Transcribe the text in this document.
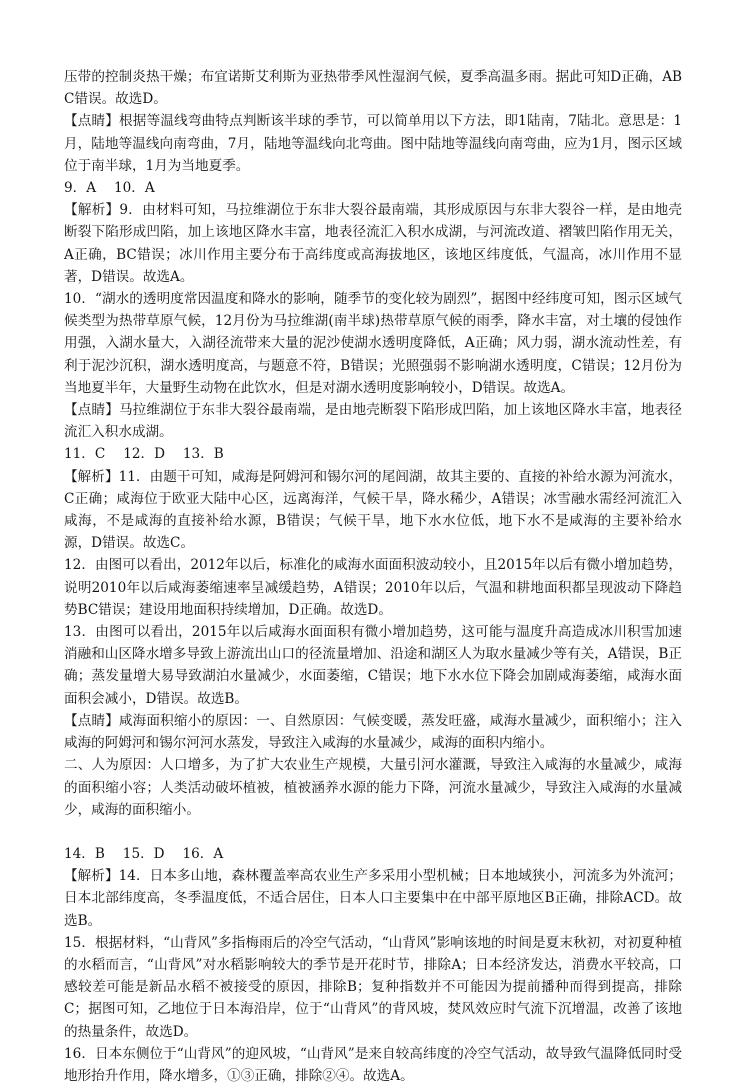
压带的控制炎热干燥；布宜诺斯艾利斯为亚热带季风性湿润气候，夏季高温多雨。据此可知D正确，ABC错误。故选D。

【点睛】根据等温线弯曲特点判断该半球的季节，可以简单用以下方法，即1陆南，7陆北。意思是：1月，陆地等温线向南弯曲，7月，陆地等温线向北弯曲。图中陆地等温线向南弯曲，应为1月，图示区域位于南半球，1月为当地夏季。

9．A　 10．A

【解析】9．由材料可知，马拉维湖位于东非大裂谷最南端，其形成原因与东非大裂谷一样，是由地壳断裂下陷形成凹陷，加上该地区降水丰富，地表径流汇入积水成湖，与河流改道、褶皱凹陷作用无关，A正确，BC错误；冰川作用主要分布于高纬度或高海拔地区，该地区纬度低，气温高，冰川作用不显著，D错误。故选A。

10．“湖水的透明度常因温度和降水的影响，随季节的变化较为剧烈”，据图中经纬度可知，图示区域气候类型为热带草原气候，12月份为马拉维湖(南半球)热带草原气候的雨季，降水丰富，对土壤的侵蚀作用强，入湖水量大，入湖径流带来大量的泥沙使湖水透明度降低，A正确；风力弱，湖水流动性差，有利于泥沙沉积，湖水透明度高，与题意不符，B错误；光照强弱不影响湖水透明度，C错误；12月份为当地夏半年，大量野生动物在此饮水，但是对湖水透明度影响较小，D错误。故选A。

【点睛】马拉维湖位于东非大裂谷最南端，是由地壳断裂下陷形成凹陷，加上该地区降水丰富，地表径流汇入积水成湖。

11．C　 12．D　 13．B

【解析】11．由题干可知，咸海是阿姆河和锡尔河的尾闾湖，故其主要的、直接的补给水源为河流水，C正确；咸海位于欧亚大陆中心区，远离海洋，气候干旱，降水稀少，A错误；冰雪融水需经河流汇入咸海，不是咸海的直接补给水源，B错误；气候干旱，地下水水位低，地下水不是咸海的主要补给水源，D错误。故选C。

12．由图可以看出，2012年以后，标准化的咸海水面面积波动较小，且2015年以后有微小增加趋势，说明2010年以后咸海萎缩速率呈减缓趋势，A错误；2010年以后，气温和耕地面积都呈现波动下降趋势BC错误；建设用地面积持续增加，D正确。故选D。

13．由图可以看出，2015年以后咸海水面面积有微小增加趋势，这可能与温度升高造成冰川积雪加速消融和山区降水增多导致上游流出山口的径流量增加、沿途和湖区人为取水量减少等有关，A错误，B正确；蒸发量增大易导致湖泊水量减少，水面萎缩，C错误；地下水水位下降会加剧咸海萎缩，咸海水面面积会减小，D错误。故选B。

【点睛】咸海面积缩小的原因：一、自然原因：气候变暖，蒸发旺盛，咸海水量减少，面积缩小；注入咸海的阿姆河和锡尔河河水蒸发，导致注入咸海的水量减少，咸海的面积内缩小。

二、人为原因：人口增多，为了扩大农业生产规模，大量引河水灌溉，导致注入咸海的水量减少，咸海的面积缩小容；人类活动破坏植被，植被涵养水源的能力下降，河流水量减少，导致注入咸海的水量减少，咸海的面积缩小。

14．B　 15．D　 16．A

【解析】14．日本多山地，森林覆盖率高农业生产多采用小型机械；日本地域狭小，河流多为外流河；日本北部纬度高，冬季温度低，不适合居住，日本人口主要集中在中部平原地区B正确，排除ACD。故选B。

15．根据材料，“山背风”多指梅雨后的冷空气活动，“山背风”影响该地的时间是夏末秋初，对初夏种植的水稻而言，“山背风”对水稻影响较大的季节是开花时节，排除A；日本经济发达，消费水平较高，口感较差可能是新品水稻不被接受的原因，排除B；复种指数并不可能因为提前播种而得到提高，排除C；据图可知，乙地位于日本海沿岸，位于“山背风”的背风坡，焚风效应时气流下沉增温，改善了该地的热量条件，故选D。

16．日本东侧位于“山背风”的迎风坡，“山背风”是来自较高纬度的冷空气活动，故导致气温降低同时受地形抬升作用，降水增多，①③正确，排除②④。故选A。
